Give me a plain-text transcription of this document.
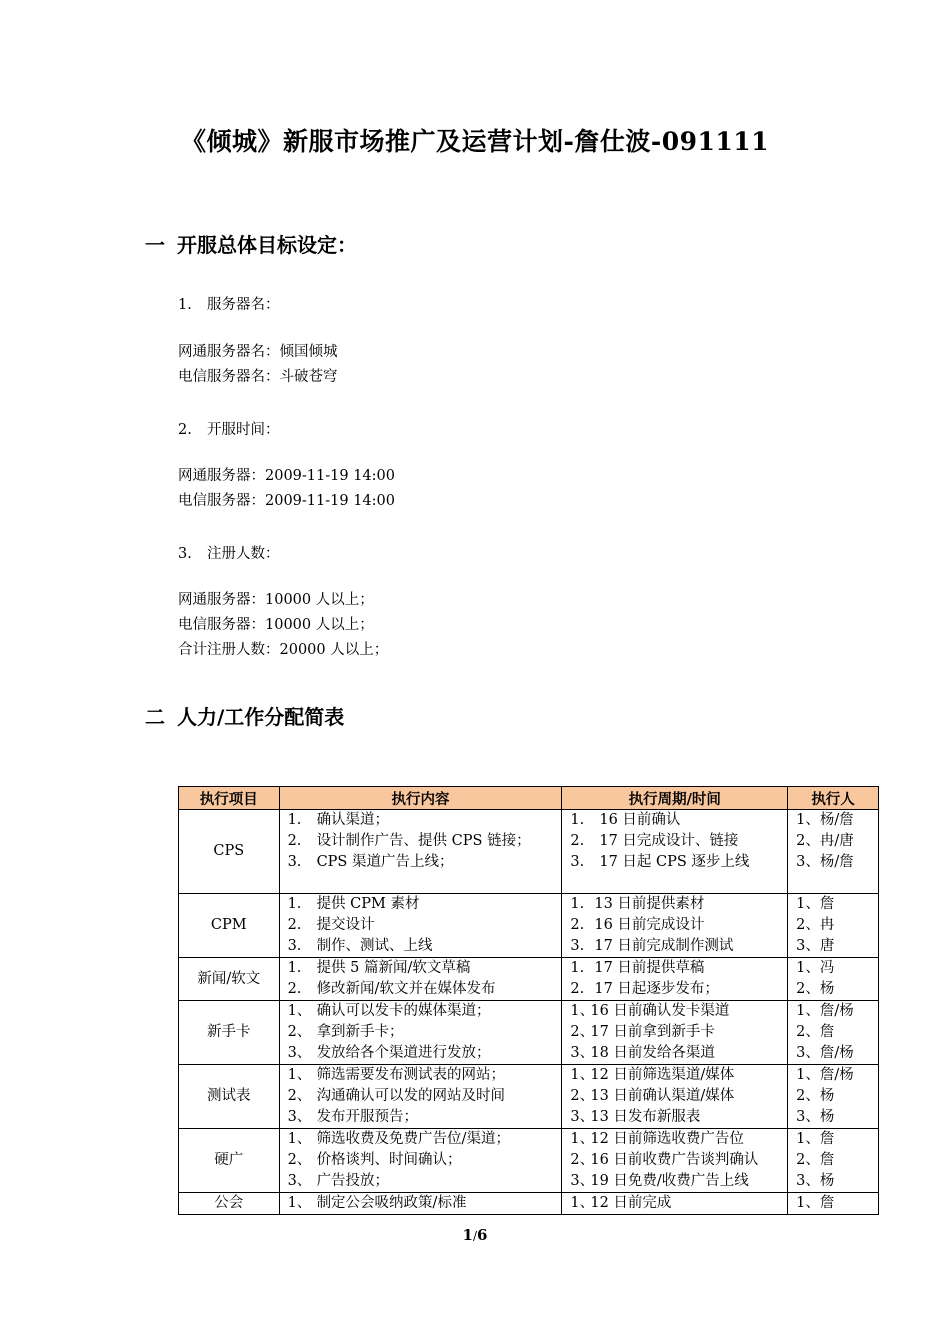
《倾城》新服市场推广及运营计划-詹仕波-091111
一 开服总体目标设定：
1. 服务器名：
网通服务器名：倾国倾城
电信服务器名：斗破苍穹
2. 开服时间：
网通服务器：2009-11-19 14:00
电信服务器：2009-11-19 14:00
3. 注册人数：
网通服务器：10000 人以上；
电信服务器：10000 人以上；
合计注册人数：20000 人以上；
二 人力/工作分配简表
执行项目	执行内容	执行周期/时间	执行人
CPS	1. 确认渠道；
2. 设计制作广告、提供 CPS 链接；
3. CPS 渠道广告上线；	1. 16 日前确认
2. 17 日完成设计、链接
3. 17 日起 CPS 逐步上线	1、杨/詹
2、冉/唐
3、杨/詹

CPM	1. 提供 CPM 素材
2. 提交设计
3. 制作、测试、上线	1. 13 日前提供素材
2. 16 日前完成设计
3. 17 日前完成制作测试	1、詹
2、冉
3、唐

新闻/软文	1. 提供 5 篇新闻/软文草稿
2. 修改新闻/软文并在媒体发布	1. 17 日前提供草稿
2. 17 日起逐步发布；	1、冯
2、杨

新手卡	1、 确认可以发卡的媒体渠道；
2、 拿到新手卡；
3、 发放给各个渠道进行发放；	1、16 日前确认发卡渠道
2、17 日前拿到新手卡
3、18 日前发给各渠道	1、詹/杨
2、詹
3、詹/杨

测试表	1、 筛选需要发布测试表的网站；
2、 沟通确认可以发的网站及时间
3、 发布开服预告；	1、12 日前筛选渠道/媒体
2、13 日前确认渠道/媒体
3、13 日发布新服表	1、詹/杨
2、杨
3、杨

硬广	1、 筛选收费及免费广告位/渠道；
2、 价格谈判、时间确认；
3、 广告投放；	1、12 日前筛选收费广告位
2、16 日前收费广告谈判确认
3、19 日免费/收费广告上线	1、詹
2、詹
3、杨

公会	1、 制定公会吸纳政策/标准	1、12 日前完成	1、詹
1/6
